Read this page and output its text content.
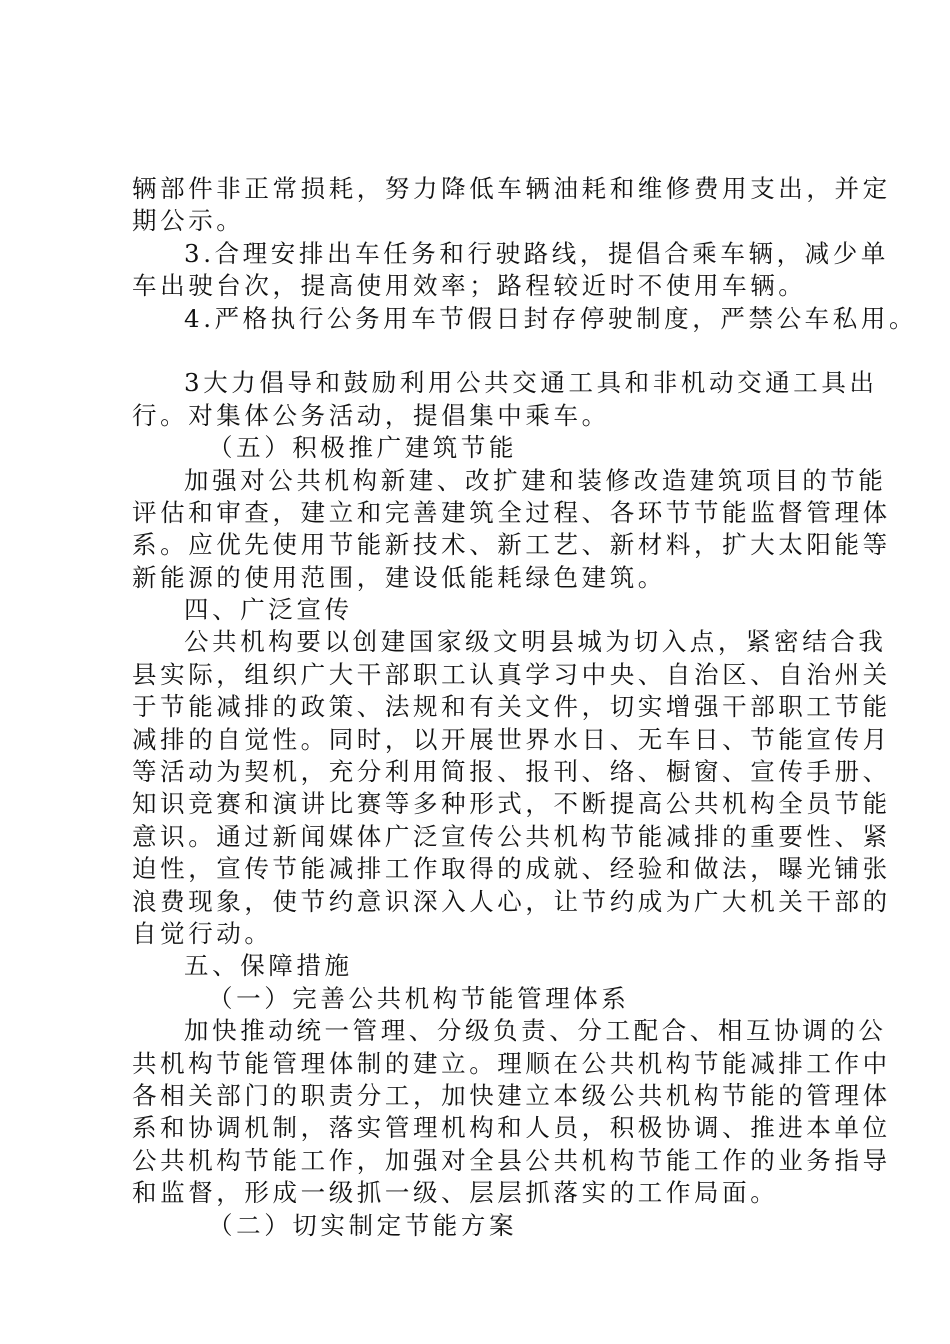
辆部件非正常损耗，努力降低车辆油耗和维修费用支出，并定
期公示。
3.合理安排出车任务和行驶路线，提倡合乘车辆，减少单
车出驶台次，提高使用效率；路程较近时不使用车辆。
4.严格执行公务用车节假日封存停驶制度，严禁公车私用。
3大力倡导和鼓励利用公共交通工具和非机动交通工具出
行。对集体公务活动，提倡集中乘车。
（五）积极推广建筑节能
加强对公共机构新建、改扩建和装修改造建筑项目的节能
评估和审查，建立和完善建筑全过程、各环节节能监督管理体
系。应优先使用节能新技术、新工艺、新材料，扩大太阳能等
新能源的使用范围，建设低能耗绿色建筑。
四、广泛宣传
公共机构要以创建国家级文明县城为切入点，紧密结合我
县实际，组织广大干部职工认真学习中央、自治区、自治州关
于节能减排的政策、法规和有关文件，切实增强干部职工节能
减排的自觉性。同时，以开展世界水日、无车日、节能宣传月
等活动为契机，充分利用简报、报刊、络、橱窗、宣传手册、
知识竞赛和演讲比赛等多种形式，不断提高公共机构全员节能
意识。通过新闻媒体广泛宣传公共机构节能减排的重要性、紧
迫性，宣传节能减排工作取得的成就、经验和做法，曝光铺张
浪费现象，使节约意识深入人心，让节约成为广大机关干部的
自觉行动。
五、保障措施
（一）完善公共机构节能管理体系
加快推动统一管理、分级负责、分工配合、相互协调的公
共机构节能管理体制的建立。理顺在公共机构节能减排工作中
各相关部门的职责分工，加快建立本级公共机构节能的管理体
系和协调机制，落实管理机构和人员，积极协调、推进本单位
公共机构节能工作，加强对全县公共机构节能工作的业务指导
和监督，形成一级抓一级、层层抓落实的工作局面。
（二）切实制定节能方案
